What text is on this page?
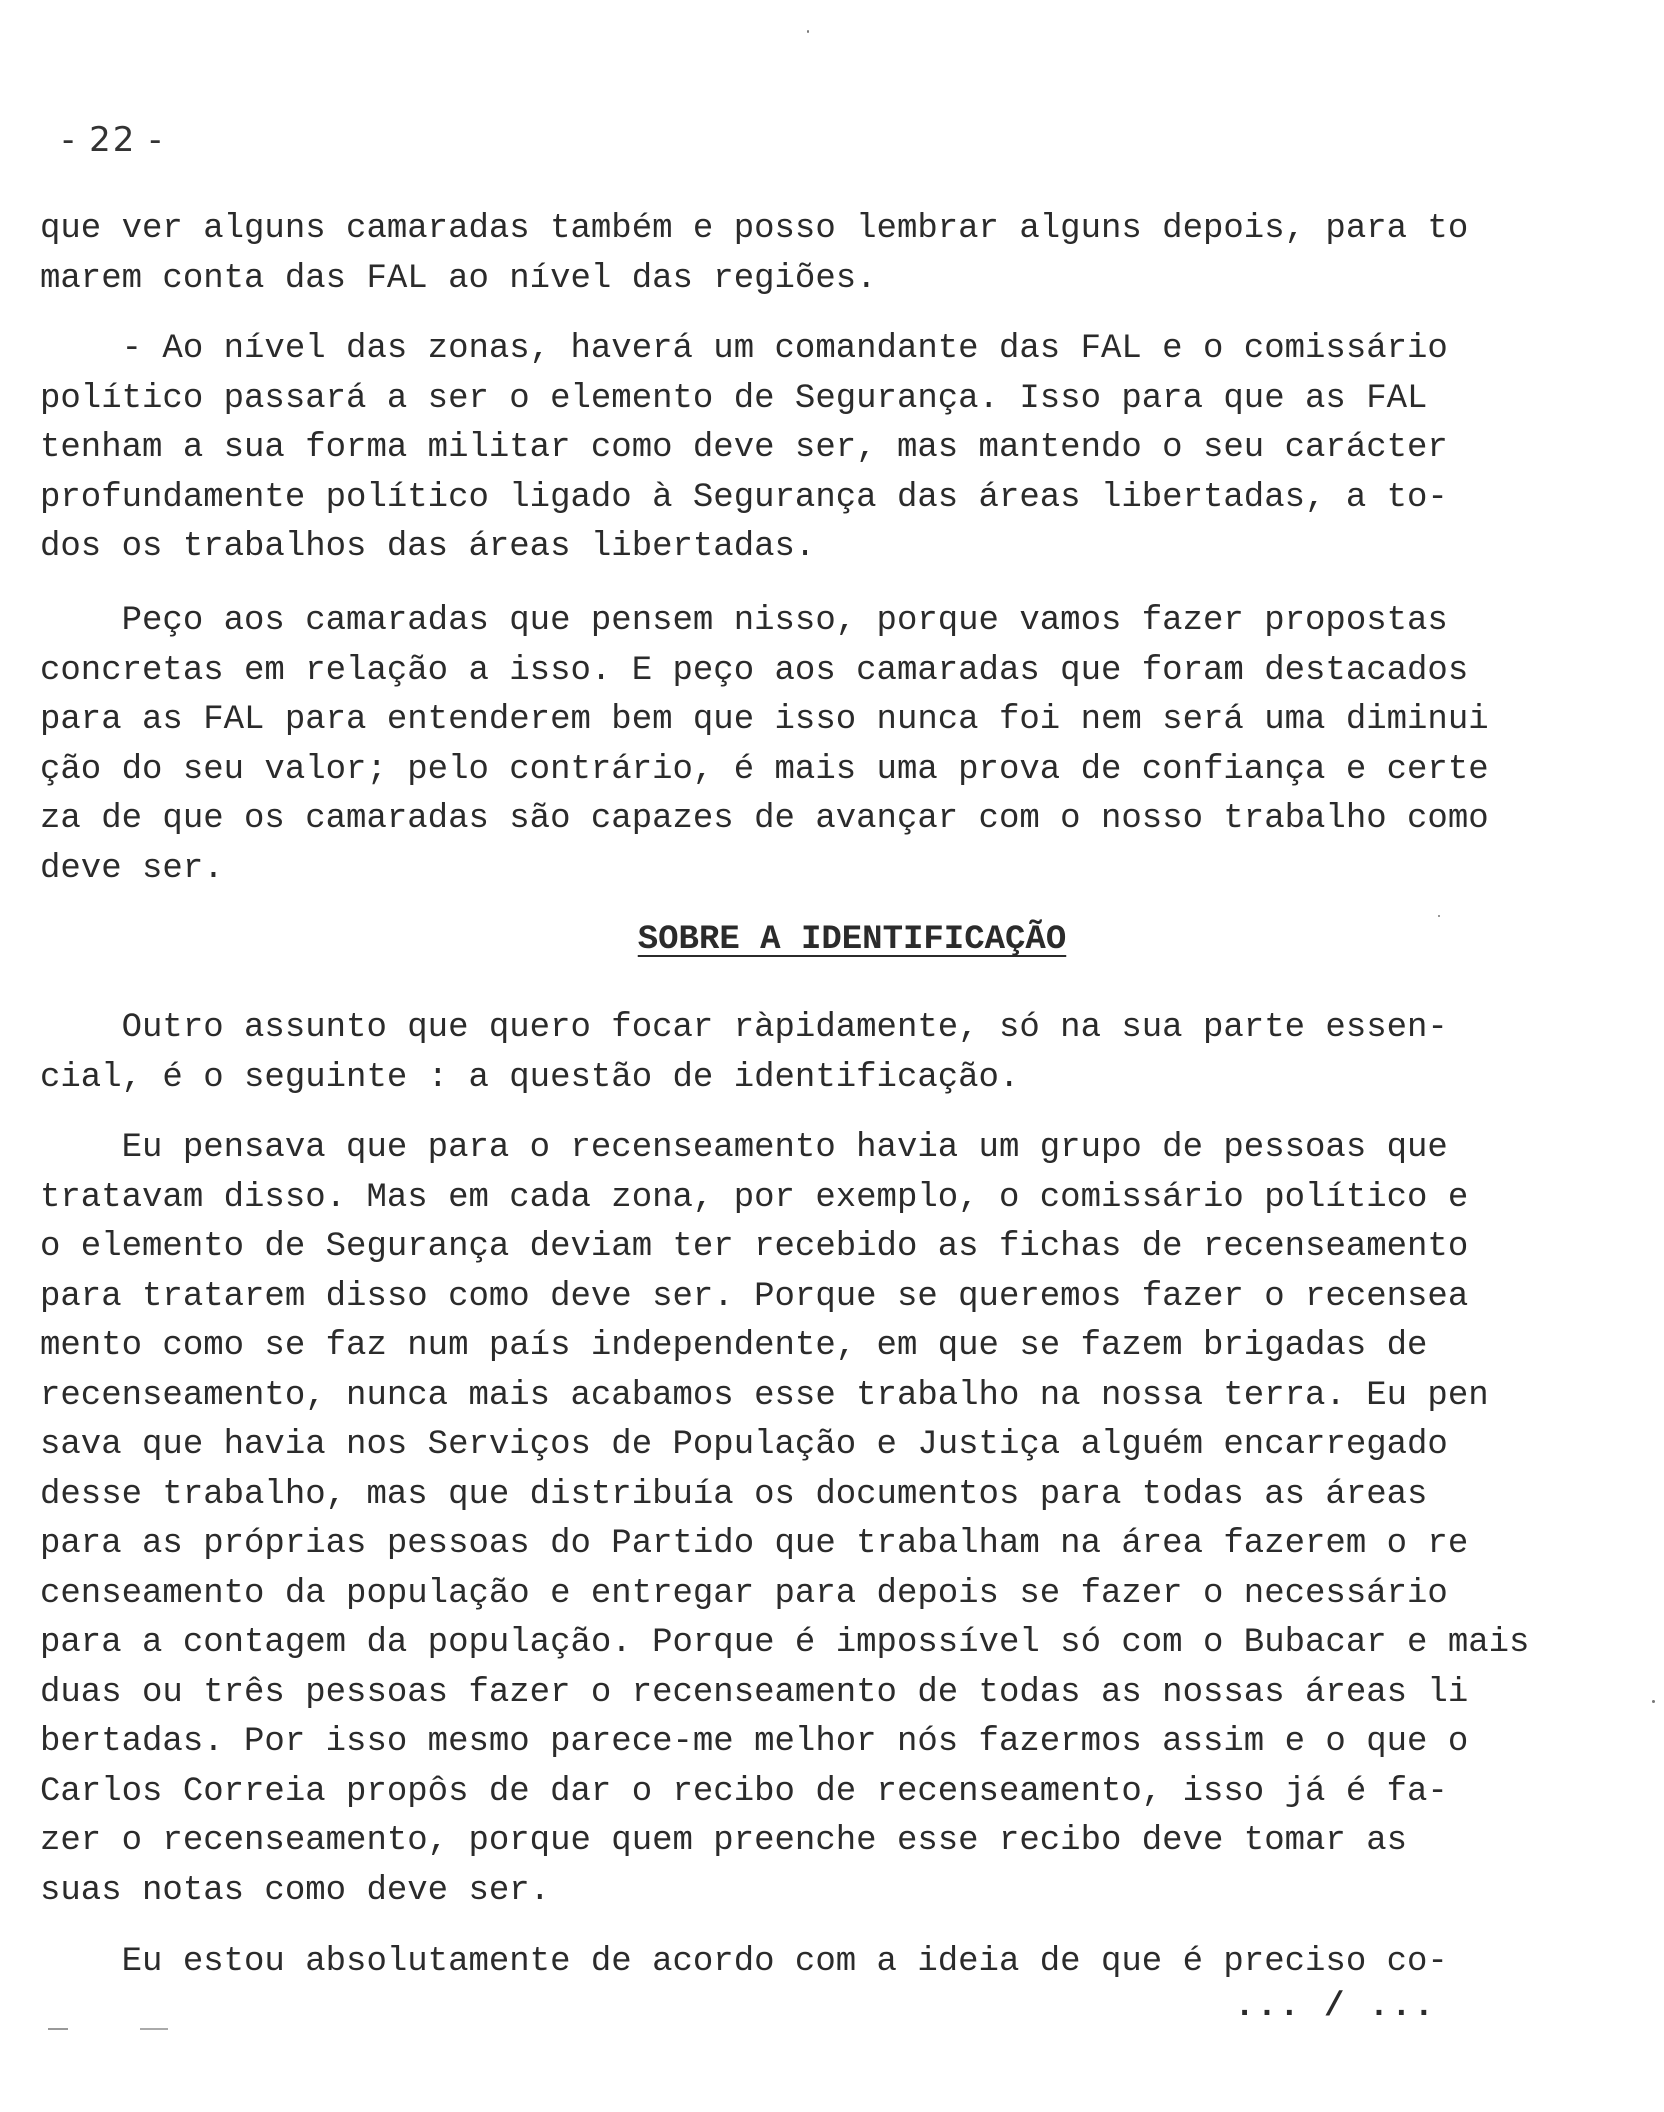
- 22 -

que ver alguns camaradas também e posso lembrar alguns depois, para to
marem conta das FAL ao nível das regiões.

- Ao nível das zonas, haverá um comandante das FAL e o comissário
político passará a ser o elemento de Segurança. Isso para que as FAL
tenham a sua forma militar como deve ser, mas mantendo o seu carácter
profundamente político ligado à Segurança das áreas libertadas, a to-
dos os trabalhos das áreas libertadas.

Peço aos camaradas que pensem nisso, porque vamos fazer propostas
concretas em relação a isso. E peço aos camaradas que foram destacados
para as FAL para entenderem bem que isso nunca foi nem será uma diminui
ção do seu valor; pelo contrário, é mais uma prova de confiança e certe
za de que os camaradas são capazes de avançar com o nosso trabalho como
deve ser.

SOBRE A IDENTIFICAÇÃO

Outro assunto que quero focar ràpidamente, só na sua parte essen-
cial, é o seguinte : a questão de identificação.

Eu pensava que para o recenseamento havia um grupo de pessoas que
tratavam disso. Mas em cada zona, por exemplo, o comissário político e
o elemento de Segurança deviam ter recebido as fichas de recenseamento
para tratarem disso como deve ser. Porque se queremos fazer o recensea
mento como se faz num país independente, em que se fazem brigadas de
recenseamento, nunca mais acabamos esse trabalho na nossa terra. Eu pen
sava que havia nos Serviços de População e Justiça alguém encarregado
desse trabalho, mas que distribuía os documentos para todas as áreas
para as próprias pessoas do Partido que trabalham na área fazerem o re
censeamento da população e entregar para depois se fazer o necessário
para a contagem da população. Porque é impossível só com o Bubacar e mais
duas ou três pessoas fazer o recenseamento de todas as nossas áreas li
bertadas. Por isso mesmo parece-me melhor nós fazermos assim e o que o
Carlos Correia propôs de dar o recibo de recenseamento, isso já é fa-
zer o recenseamento, porque quem preenche esse recibo deve tomar as
suas notas como deve ser.

Eu estou absolutamente de acordo com a ideia de que é preciso co-

... / ...
